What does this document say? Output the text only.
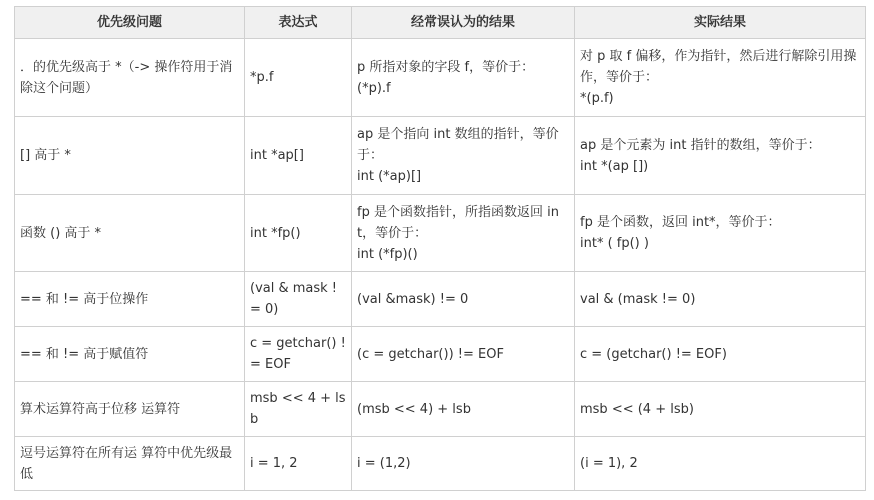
优先级问题	表达式	经常误认为的结果	实际结果
．的优先级高于 *（-> 操作符用于消除这个问题）	*p.f	p 所指对象的字段 f，等价于：
(*p).f	对 p 取 f 偏移，作为指针，然后进行解除引用操作，等价于：
*(p.f)
[] 高于 *	int *ap[]	ap 是个指向 int 数组的指针，等价于：
int (*ap)[]	ap 是个元素为 int 指针的数组，等价于：
int *(ap [])
函数 () 高于 *	int *fp()	fp 是个函数指针，所指函数返回 int，等价于：
int (*fp)()	fp 是个函数，返回 int*，等价于：
int* ( fp() )
== 和 != 高于位操作	(val & mask != 0)	(val &mask) != 0	val & (mask != 0)
== 和 != 高于赋值符	c = getchar() != EOF	(c = getchar()) != EOF	c = (getchar() != EOF)
算术运算符高于位移 运算符	msb << 4 + lsb	(msb << 4) + lsb	msb << (4 + lsb)
逗号运算符在所有运 算符中优先级最低	i = 1, 2	i = (1,2)	(i = 1), 2
